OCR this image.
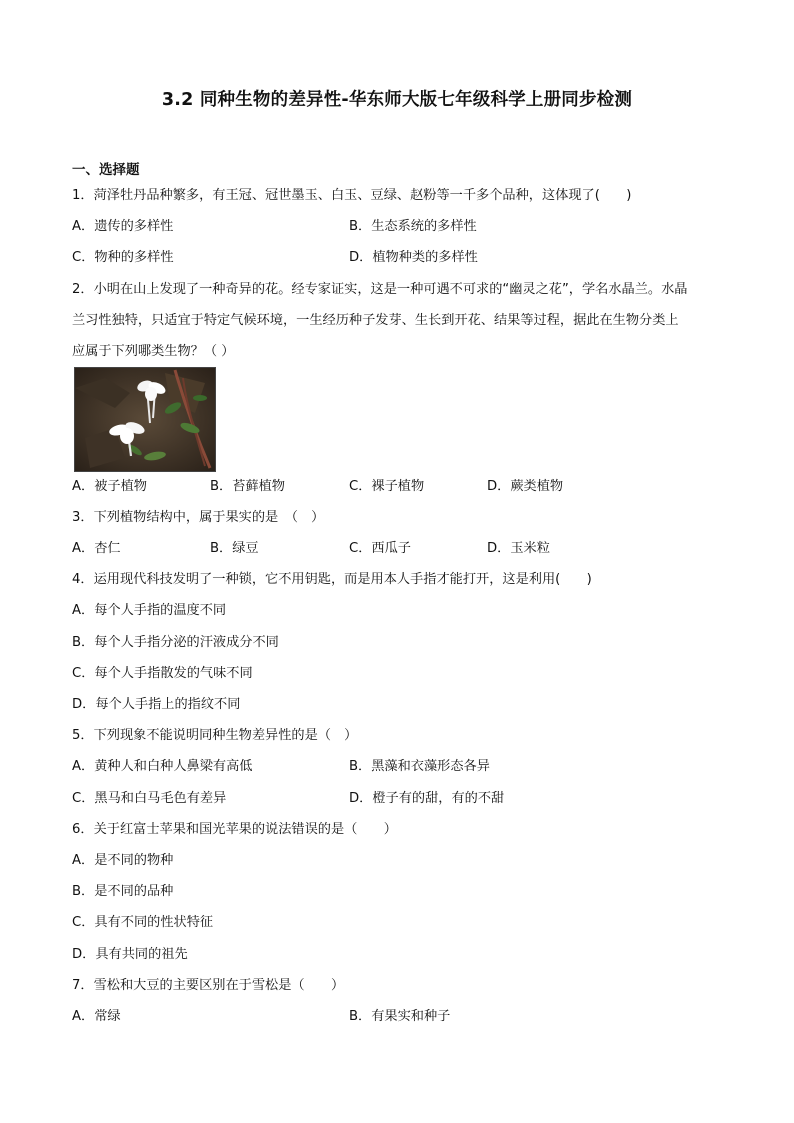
3.2 同种生物的差异性-华东师大版七年级科学上册同步检测
一、选择题
1．菏泽牡丹品种繁多，有王冠、冠世墨玉、白玉、豆绿、赵粉等一千多个品种，这体现了(　　)
A．遗传的多样性	B．生态系统的多样性
C．物种的多样性	D．植物种类的多样性
2．小明在山上发现了一种奇异的花。经专家证实，这是一种可遇不可求的“幽灵之花”，学名水晶兰。水晶
兰习性独特，只适宜于特定气候环境，一生经历种子发芽、生长到开花、结果等过程，据此在生物分类上
应属于下列哪类生物？（ ）
A．被子植物	B．苔藓植物	C．裸子植物	D．蕨类植物
3．下列植物结构中，属于果实的是　（　）
A．杏仁	B．绿豆	C．西瓜子	D．玉米粒
4．运用现代科技发明了一种锁，它不用钥匙，而是用本人手指才能打开，这是利用(　　)
A．每个人手指的温度不同
B．每个人手指分泌的汗液成分不同
C．每个人手指散发的气味不同
D．每个人手指上的指纹不同
5．下列现象不能说明同种生物差异性的是（　）
A．黄种人和白种人鼻梁有高低	B．黑藻和衣藻形态各异
C．黑马和白马毛色有差异	D．橙子有的甜，有的不甜
6．关于红富士苹果和国光苹果的说法错误的是（　　）
A．是不同的物种
B．是不同的品种
C．具有不同的性状特征
D．具有共同的祖先
7．雪松和大豆的主要区别在于雪松是（　　）
A．常绿	B．有果实和种子
